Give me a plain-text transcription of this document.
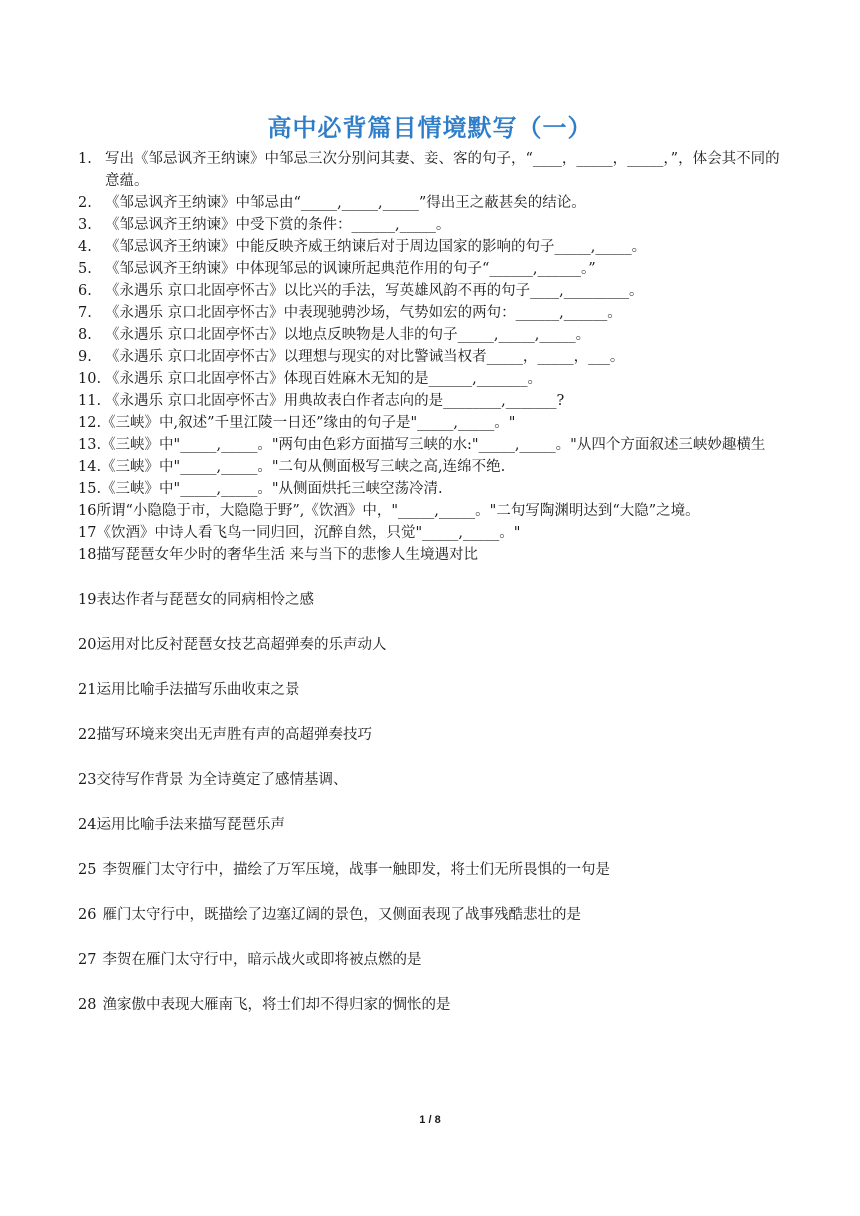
高中必背篇目情境默写（一）
1. 写出《邹忌讽齐王纳谏》中邹忌三次分别问其妻、妾、客的句子，“____，_____，_____，”，体会其不同的意蕴。
2. 《邹忌讽齐王纳谏》中邹忌由“_____,_____,_____”得出王之蔽甚矣的结论。
3. 《邹忌讽齐王纳谏》中受下赏的条件：______,_____。
4. 《邹忌讽齐王纳谏》中能反映齐威王纳谏后对于周边国家的影响的句子_____,_____。
5. 《邹忌讽齐王纳谏》中体现邹忌的讽谏所起典范作用的句子“______,______。”
6. 《永遇乐 京口北固亭怀古》以比兴的手法，写英雄风韵不再的句子____,_________。
7. 《永遇乐 京口北固亭怀古》中表现驰骋沙场，气势如宏的两句：______,______。
8. 《永遇乐 京口北固亭怀古》以地点反映物是人非的句子_____,_____,_____。
9. 《永遇乐 京口北固亭怀古》以理想与现实的对比警诫当权者_____，_____，___。
10. 《永遇乐 京口北固亭怀古》体现百姓麻木无知的是______,_______。
11. 《永遇乐 京口北固亭怀古》用典故表白作者志向的是________,_______?
12.《三峡》中,叙述”千里江陵一日还”缘由的句子是"_____,_____。"
13.《三峡》中"_____,_____。"两句由色彩方面描写三峡的水:"_____,_____。"从四个方面叙述三峡妙趣横生
14.《三峡》中"_____,_____。"二句从侧面极写三峡之高,连绵不绝.
15.《三峡》中"_____,_____。"从侧面烘托三峡空荡冷清.
16所谓“小隐隐于市，大隐隐于野”,《饮酒》中，"_____,_____。"二句写陶渊明达到“大隐”之境。
17《饮酒》中诗人看飞鸟一同归回，沉醉自然，只觉"_____,_____。"
18描写琵琶女年少时的奢华生活 来与当下的悲惨人生境遇对比
19表达作者与琵琶女的同病相怜之感
20运用对比反衬琵琶女技艺高超弹奏的乐声动人
21运用比喻手法描写乐曲收束之景
22描写环境来突出无声胜有声的高超弹奏技巧
23交待写作背景 为全诗奠定了感情基调、
24运用比喻手法来描写琵琶乐声
25 李贺雁门太守行中，描绘了万军压境，战事一触即发，将士们无所畏惧的一句是
26 雁门太守行中，既描绘了边塞辽阔的景色，又侧面表现了战事残酷悲壮的是
27 李贺在雁门太守行中，暗示战火或即将被点燃的是
28 渔家傲中表现大雁南飞，将士们却不得归家的惆怅的是
1 / 8
